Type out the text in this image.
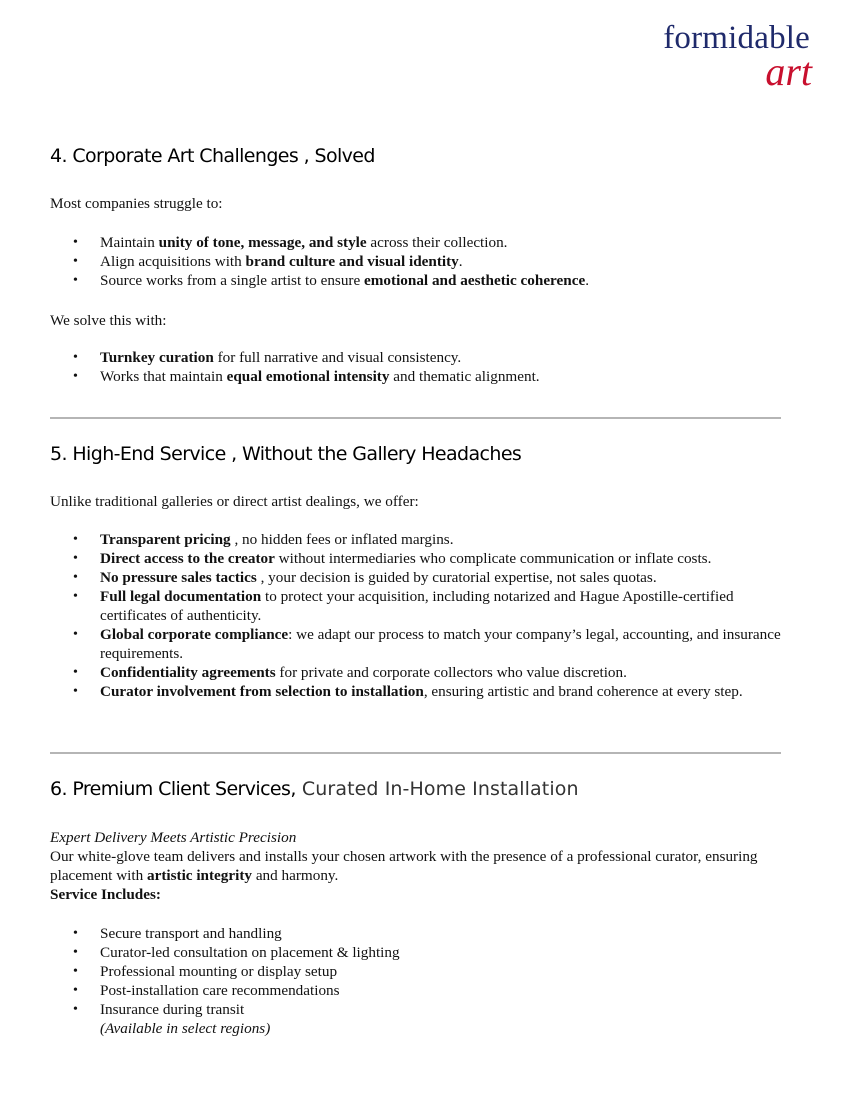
formidable
art
4. Corporate Art Challenges , Solved

Most companies struggle to:

• Maintain unity of tone, message, and style across their collection.
• Align acquisitions with brand culture and visual identity.
• Source works from a single artist to ensure emotional and aesthetic coherence.

We solve this with:

• Turnkey curation for full narrative and visual consistency.
• Works that maintain equal emotional intensity and thematic alignment.
5. High-End Service , Without the Gallery Headaches

Unlike traditional galleries or direct artist dealings, we offer:

• Transparent pricing , no hidden fees or inflated margins.
• Direct access to the creator without intermediaries who complicate communication or inflate costs.
• No pressure sales tactics , your decision is guided by curatorial expertise, not sales quotas.
• Full legal documentation to protect your acquisition, including notarized and Hague Apostille-certified certificates of authenticity.
• Global corporate compliance: we adapt our process to match your company’s legal, accounting, and insurance requirements.
• Confidentiality agreements for private and corporate collectors who value discretion.
• Curator involvement from selection to installation, ensuring artistic and brand coherence at every step.
6. Premium Client Services, Curated In-Home Installation

Expert Delivery Meets Artistic Precision
Our white-glove team delivers and installs your chosen artwork with the presence of a professional curator, ensuring placement with artistic integrity and harmony.
Service Includes:

• Secure transport and handling
• Curator-led consultation on placement & lighting
• Professional mounting or display setup
• Post-installation care recommendations
• Insurance during transit
(Available in select regions)
